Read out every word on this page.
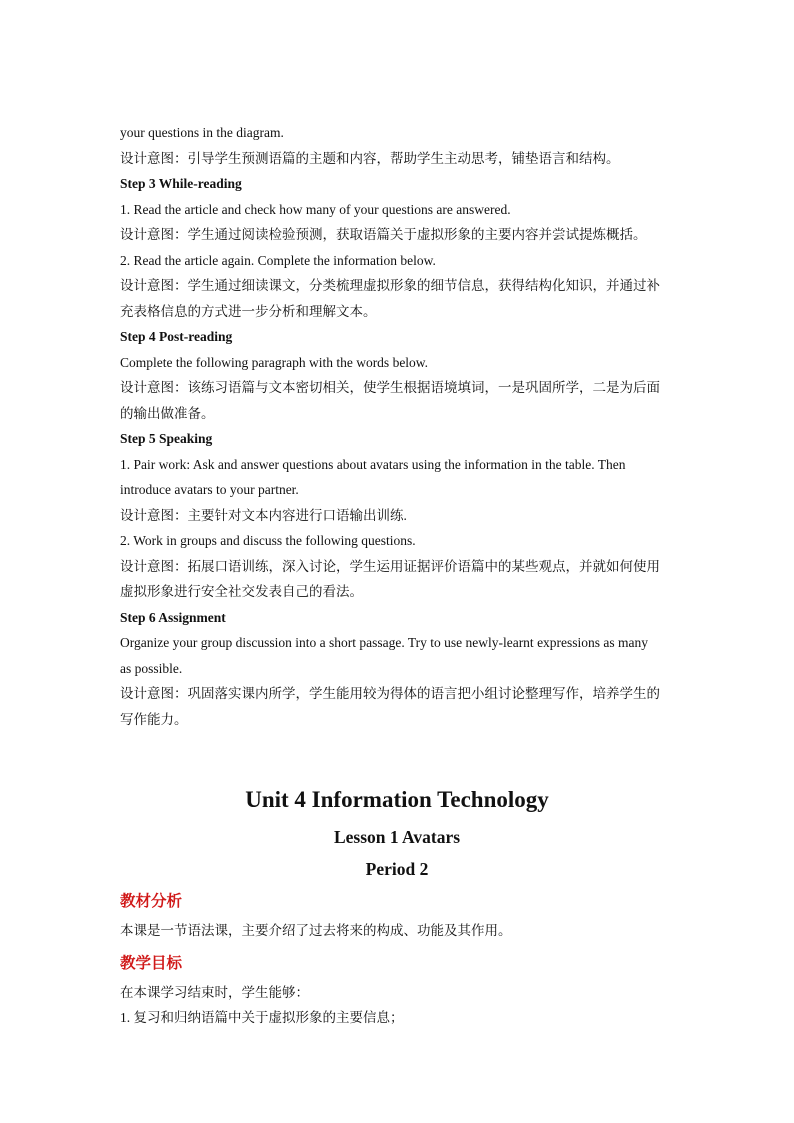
your questions in the diagram.

设计意图：引导学生预测语篇的主题和内容，帮助学生主动思考，铺垫语言和结构。

Step 3 While-reading

1. Read the article and check how many of your questions are answered.

设计意图：学生通过阅读检验预测，获取语篇关于虚拟形象的主要内容并尝试提炼概括。

2. Read the article again. Complete the information below.

设计意图：学生通过细读课文，分类梳理虚拟形象的细节信息，获得结构化知识，并通过补

充表格信息的方式进一步分析和理解文本。

Step 4 Post-reading

Complete the following paragraph with the words below.

设计意图：该练习语篇与文本密切相关，使学生根据语境填词，一是巩固所学，二是为后面

的输出做准备。

Step 5 Speaking

1. Pair work: Ask and answer questions about avatars using the information in the table. Then

introduce avatars to your partner.

设计意图：主要针对文本内容进行口语输出训练.

2. Work in groups and discuss the following questions.

设计意图：拓展口语训练，深入讨论，学生运用证据评价语篇中的某些观点，并就如何使用

虚拟形象进行安全社交发表自己的看法。

Step 6 Assignment

Organize your group discussion into a short passage. Try to use newly-learnt expressions as many

as possible.

设计意图：巩固落实课内所学，学生能用较为得体的语言把小组讨论整理写作，培养学生的

写作能力。

Unit 4 Information Technology
Lesson 1 Avatars
Period 2

教材分析

本课是一节语法课，主要介绍了过去将来的构成、功能及其作用。

教学目标

在本课学习结束时，学生能够：

1. 复习和归纳语篇中关于虚拟形象的主要信息；
